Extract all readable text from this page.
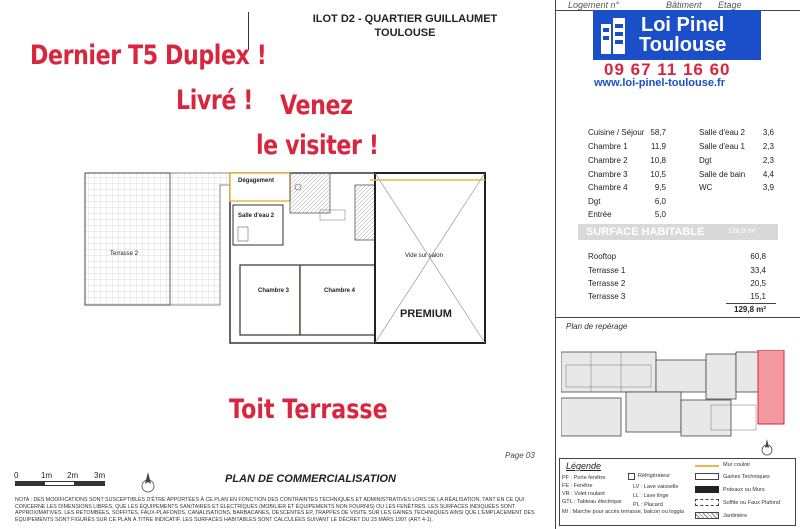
ILOT D2 - QUARTIER GUILLAUMET
TOULOUSE
Dernier T5 Duplex !
Livré ! Venez
le visiter !
Dégagement
Salle d'eau 2
Chambre 3	Chambre 4
Terrasse 2	Vide sur salon
PREMIUM
Toit Terrasse
Page 03
0	1m 2m 3m	PLAN DE COMMERCIALISATION
NOTA : DES MODIFICATIONS SONT SUSCEPTIBLES D'ÊTRE APPORTÉES À CE PLAN EN FONCTION DES CONTRAINTES TECHNIQUES ET ADMINISTRATIVES LORS DE LA RÉALISATION, TANT EN CE QUI CONCERNE LES DIMENSIONS LIBRES, QUE LES ÉQUIPEMENTS SANITAIRES ET ÉLECTRIQUES (MOBILIER ET ÉQUIPEMENTS NON FOURNIS) OU LES FENÊTRES. LES SURFACES INDIQUÉES SONT APPROXIMATIVES. LES RETOMBÉES, SOFFITES, FAUX-PLAFONDS, CANALISATIONS, BARBACANES, DESCENTES EP, TRAPPES DE VISITE SUR LES GAINES TECHNIQUES AINSI QUE L'EMPLACEMENT DES ÉQUIPEMENTS SONT FIGURÉS SUR CE PLAN À TITRE INDICATIF. LES SURFACES HABITABLES SONT CALCULÉES SUIVANT LE DÉCRET DU 23 MARS 1997 (ART 4-1).
Logement n°	Bâtiment Etage
Loi Pinel
Toulouse
09 67 11 16 60
www.loi-pinel-toulouse.fr
Cuisine / Séjour 58,7
Chambre 1	11,9
Chambre 2	10,8
Chambre 3	10,5
Chambre 4	9,5
Dgt	6,0
Entrée	5,0
Salle d'eau 2	3,6
Salle d'eau 1	2,3
Dgt	2,3
Salle de bain	4,4
WC	3,9
SURFACE HABITABLE	128,9 m²
Rooftop	60,8
Terrasse 1	33,4
Terrasse 2	20,5
Terrasse 3	15,1
129,8 m²
Plan de repérage
Légende
PF : Porte fenêtre
FE : Fenêtre
VR : Volet roulant
GTL : Tableau électrique
MI : Marche pour accès terrasse, balcon ou loggia
Réfrigérateur
LV : Lave vaisselle
LL : Lave linge
PL : Placard
Mur couloir
Gaines Techniques
Poteaux ou Murs
Soffite ou Faux Plafond
Jardinière
